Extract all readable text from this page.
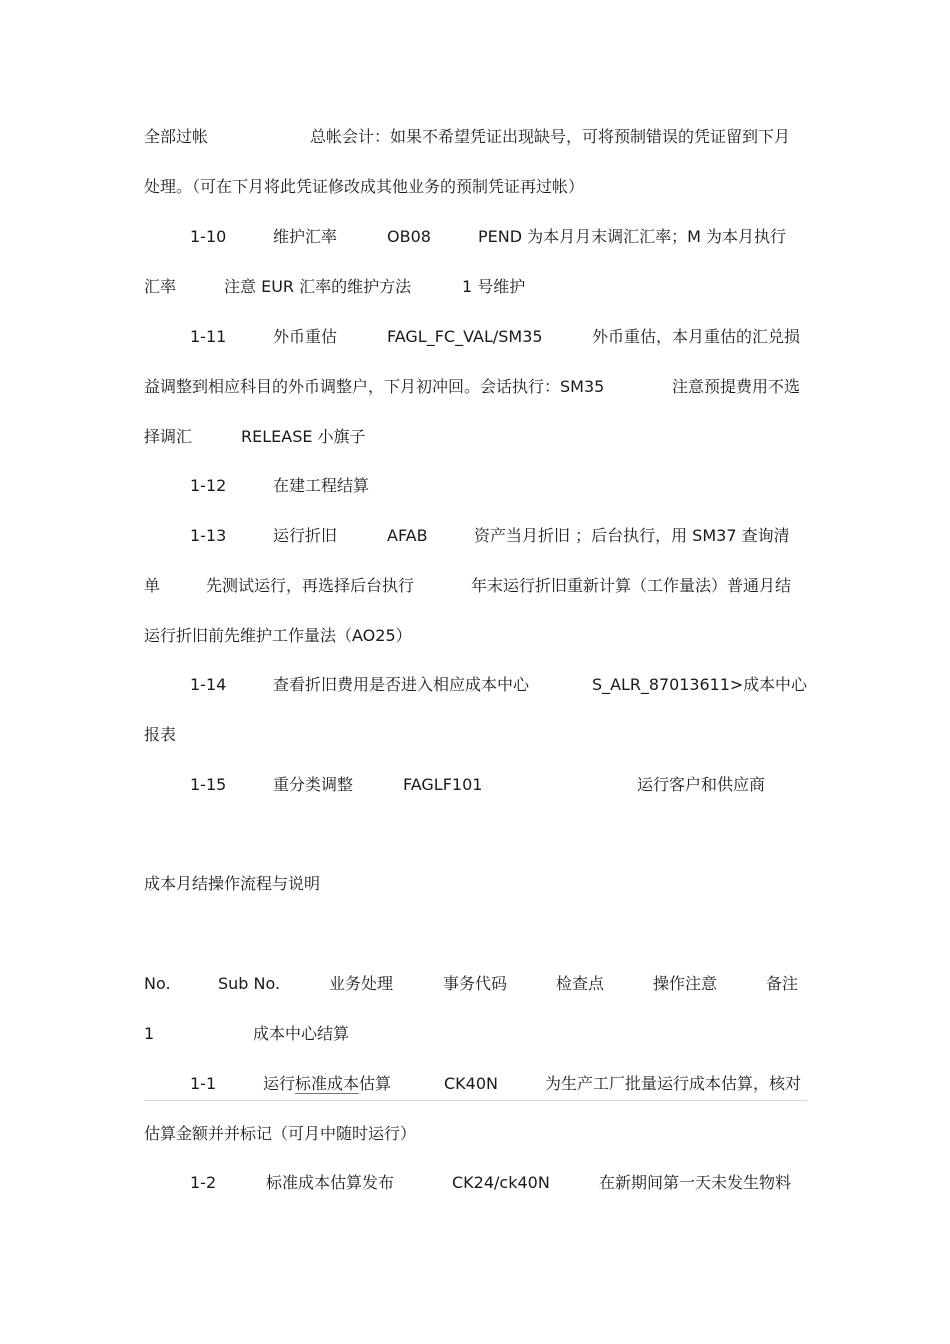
全部过帐	总帐会计：如果不希望凭证出现缺号，可将预制错误的凭证留到下月
处理。（可在下月将此凭证修改成其他业务的预制凭证再过帐）
1-10	维护汇率	OB08	PEND 为本月月末调汇汇率；M 为本月执行
汇率	注意 EUR 汇率的维护方法	1 号维护
1-11	外币重估	FAGL_FC_VAL/SM35	外币重估，本月重估的汇兑损
益调整到相应科目的外币调整户，下月初冲回。会话执行：SM35	注意预提费用不选
择调汇	RELEASE 小旗子
1-12	在建工程结算
1-13	运行折旧	AFAB	资产当月折旧 ；后台执行，用 SM37 查询清
单	先测试运行，再选择后台执行	年末运行折旧重新计算（工作量法）普通月结
运行折旧前先维护工作量法（AO25）
1-14	查看折旧费用是否进入相应成本中心	S_ALR_87013611>成本中心
报表
1-15	重分类调整	FAGLF101	运行客户和供应商
成本月结操作流程与说明
No.	Sub No.	业务处理	事务代码	检查点	操作注意	备注
1	成本中心结算
1-1	运行标准成本估算	CK40N	为生产工厂批量运行成本估算，核对
估算金额并并标记（可月中随时运行）
1-2	标准成本估算发布	CK24/ck40N	在新期间第一天未发生物料
